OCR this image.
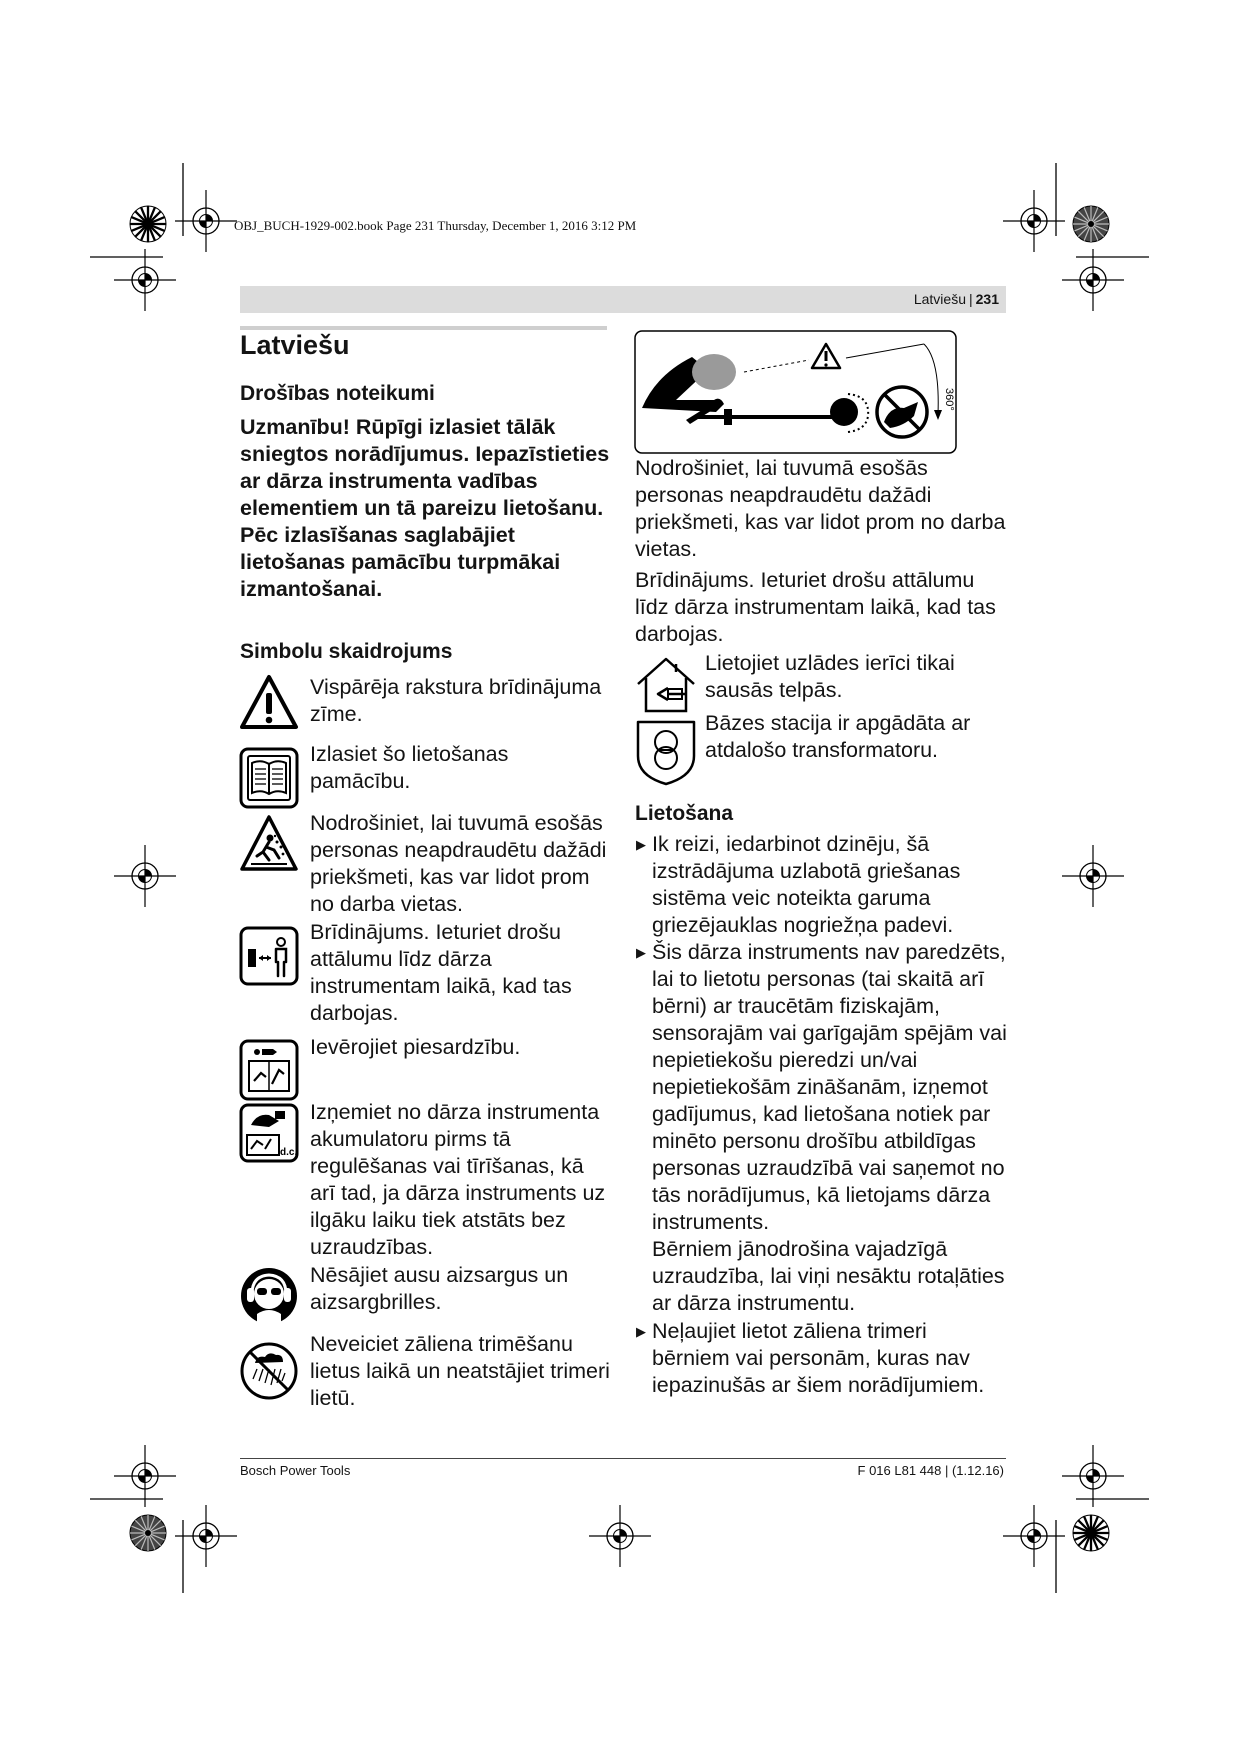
OBJ_BUCH-1929-002.book Page 231 Thursday, December 1, 2016 3:12 PM
Latviešu | 231
Latviešu
Drošības noteikumi
Uzmanību! Rūpīgi izlasiet tālāk sniegtos norādījumus. Iepazīstieties ar dārza instrumenta vadības elementiem un tā pareizu lietošanu. Pēc izlasīšanas saglabājiet lietošanas pamācību turpmākai izmantošanai.
Simbolu skaidrojums
Vispārēja rakstura brīdinājuma zīme.
Izlasiet šo lietošanas pamācību.
Nodrošiniet, lai tuvumā esošās personas neapdraudētu dažādi priekšmeti, kas var lidot prom no darba vietas.
Brīdinājums. Ieturiet drošu attālumu līdz dārza instrumentam laikā, kad tas darbojas.
Ievērojiet piesardzību.
d.c.
Izņemiet no dārza instrumenta akumulatoru pirms tā regulēšanas vai tīrīšanas, kā arī tad, ja dārza instruments uz ilgāku laiku tiek atstāts bez uzraudzības.
Nēsājiet ausu aizsargus un aizsargbrilles.
Neveiciet zāliena trimēšanu lietus laikā un neatstājiet trimeri lietū.
360°
Nodrošiniet, lai tuvumā esošās personas neapdraudētu dažādi priekšmeti, kas var lidot prom no darba vietas.
Brīdinājums. Ieturiet drošu attālumu līdz dārza instrumentam laikā, kad tas darbojas.
Lietojiet uzlādes ierīci tikai sausās telpās.
Bāzes stacija ir apgādāta ar atdalošo transformatoru.
Lietošana
▶ Ik reizi, iedarbinot dzinēju, šā izstrādājuma uzlabotā griešanas sistēma veic noteikta garuma griezējauklas nogriežņa padevi.
▶ Šis dārza instruments nav paredzēts, lai to lietotu personas (tai skaitā arī bērni) ar traucētām fiziskajām, sensorajām vai garīgajām spējām vai nepietiekošu pieredzi un/vai nepietiekošām zināšanām, izņemot gadījumus, kad lietošana notiek par minēto personu drošību atbildīgas personas uzraudzībā vai saņemot no tās norādījumus, kā lietojams dārza instruments.
Bērniem jānodrošina vajadzīgā uzraudzība, lai viņi nesāktu rotaļāties ar dārza instrumentu.
▶ Neļaujiet lietot zāliena trimeri bērniem vai personām, kuras nav iepazinušās ar šiem norādījumiem.
Bosch Power Tools	F 016 L81 448 | (1.12.16)
